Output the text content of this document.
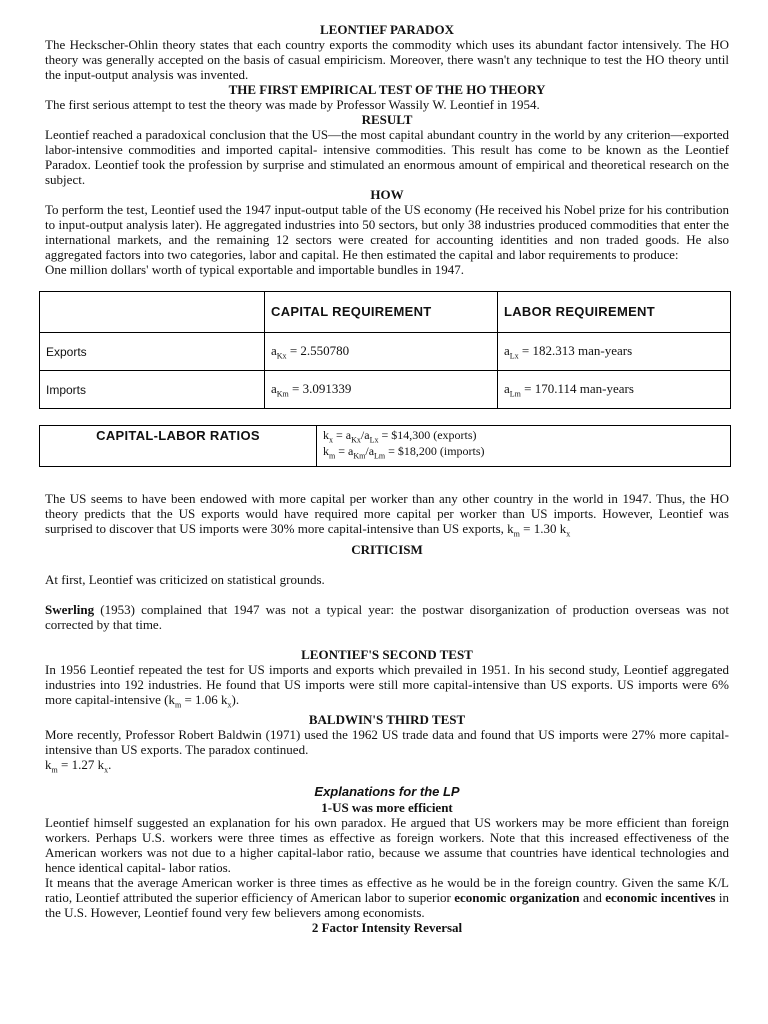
LEONTIEF PARADOX

The Heckscher-Ohlin theory states that each country exports the commodity which uses its abundant factor intensively. The HO theory was generally accepted on the basis of casual empiricism. Moreover, there wasn't any technique to test the HO theory until the input-output analysis was invented.

THE FIRST EMPIRICAL TEST OF THE HO THEORY

The first serious attempt to test the theory was made by Professor Wassily W. Leontief in 1954.

RESULT

Leontief reached a paradoxical conclusion that the US—the most capital abundant country in the world by any criterion—exported labor-intensive commodities and imported capital- intensive commodities. This result has come to be known as the Leontief Paradox. Leontief took the profession by surprise and stimulated an enormous amount of empirical and theoretical research on the subject.

HOW

To perform the test, Leontief used the 1947 input-output table of the US economy (He received his Nobel prize for his contribution to input-output analysis later). He aggregated industries into 50 sectors, but only 38 industries produced commodities that enter the international markets, and the remaining 12 sectors were created for accounting identities and non traded goods. He also aggregated factors into two categories, labor and capital. He then estimated the capital and labor requirements to produce:

One million dollars' worth of typical exportable and importable bundles in 1947.

	CAPITAL REQUIREMENT	LABOR REQUIREMENT
Exports	$a_{Kx} = 2.550780$	$a_{Lx} = 182.313$ man-years
Imports	$a_{Km} = 3.091339$	$a_{Lm} = 170.114$ man-years
CAPITAL-LABOR RATIOS	$k_x = a_{Kx}/a_{Lx}$ = $14,300 (exports)
$k_m = a_{Km}/a_{Lm}$ = $18,200 (imports)

The US seems to have been endowed with more capital per worker than any other country in the world in 1947. Thus, the HO theory predicts that the US exports would have required more capital per worker than US imports. However, Leontief was surprised to discover that US imports were 30% more capital-intensive than US exports, $k_m = 1.30$ $k_x$

CRITICISM

At first, Leontief was criticized on statistical grounds.

Swerling (1953) complained that 1947 was not a typical year: the postwar disorganization of production overseas was not corrected by that time.

LEONTIEF'S SECOND TEST

In 1956 Leontief repeated the test for US imports and exports which prevailed in 1951. In his second study, Leontief aggregated industries into 192 industries. He found that US imports were still more capital-intensive than US exports. US imports were 6% more capital-intensive ($k_m = 1.06$ $k_x$).

BALDWIN'S THIRD TEST

More recently, Professor Robert Baldwin (1971) used the 1962 US trade data and found that US imports were 27% more capital-intensive than US exports. The paradox continued.

$k_m = 1.27$ $k_x$.

Explanations for the LP

1-US was more efficient

Leontief himself suggested an explanation for his own paradox. He argued that US workers may be more efficient than foreign workers. Perhaps U.S. workers were three times as effective as foreign workers. Note that this increased effectiveness of the American workers was not due to a higher capital-labor ratio, because we assume that countries have identical technologies and hence identical capital- labor ratios.

It means that the average American worker is three times as effective as he would be in the foreign country. Given the same K/L ratio, Leontief attributed the superior efficiency of American labor to superior economic organization and economic incentives in the U.S. However, Leontief found very few believers among economists.

2 Factor Intensity Reversal
